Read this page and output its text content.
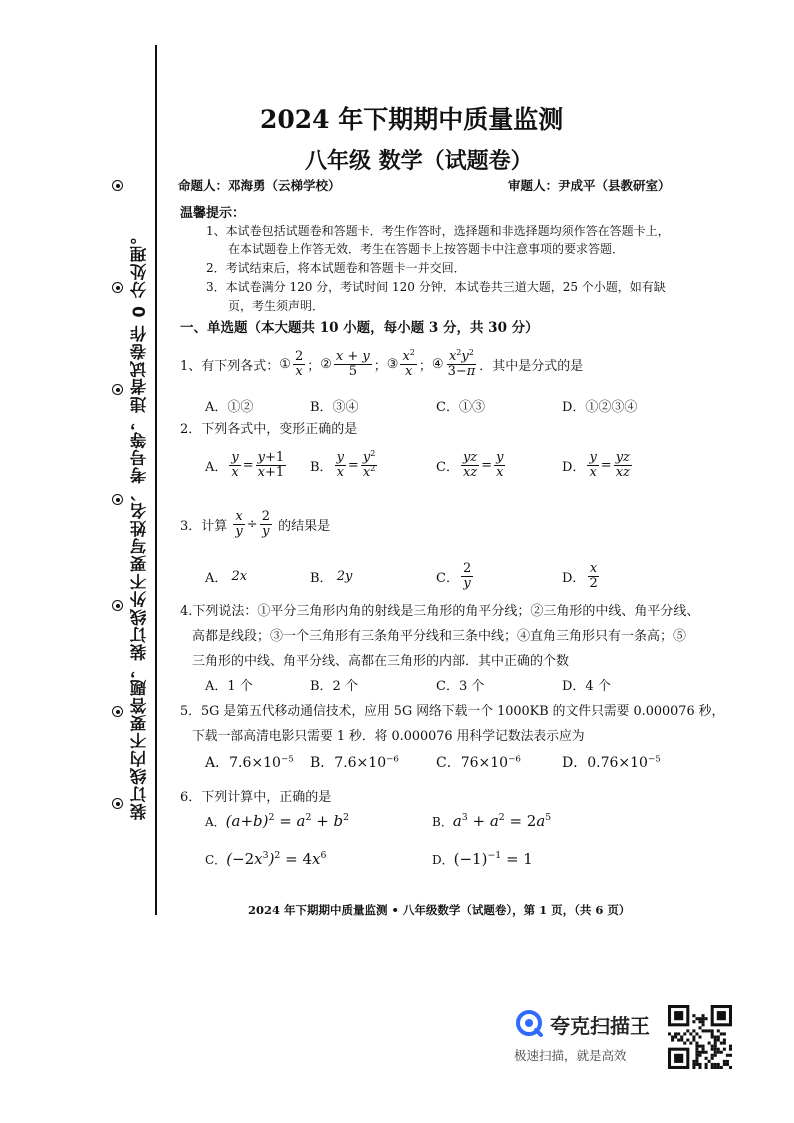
装订线内不要答题，装订线外不要写姓名、考号等，违者试卷作 0 分处理。
2024 年下期期中质量监测
八年级 数学（试题卷）
命题人：邓海勇（云梯学校）	审题人：尹成平（县教研室）
温馨提示：
1、本试卷包括试题卷和答题卡．考生作答时，选择题和非选择题均须作答在答题卡上，
在本试题卷上作答无效．考生在答题卡上按答题卡中注意事项的要求答题．
2．考试结束后，将本试题卷和答题卡一并交回．
3．本试卷满分 120 分，考试时间 120 分钟．本试卷共三道大题，25 个小题，如有缺
页，考生须声明．
一、单选题（本大题共 10 小题，每小题 3 分，共 30 分）
1、有下列各式： ① $\frac{2}{x}$ ； ② $\frac{x + y}{5}$ ； ③ $\frac{x^2}{x}$ ； ④ $\frac{x^2y^2}{3-\pi}$ ．其中是分式的是
A．①②	B．③④	C．①③	D．①②③④
2．下列各式中，变形正确的是
A． $\frac{y}{x} = \frac{y+1}{x+1}$ B． $\frac{y}{x} = \frac{y^2}{x^2}$	C． $\frac{yz}{xz} = \frac{y}{x}$	D． $\frac{y}{x} = \frac{yz}{xz}$
3．计算
$\frac{x}{y} \div \frac{2}{y}$
的结果是
A． 2x	B． 2y	C． $\frac{2}{y}$	D． $\frac{x}{2}$
4.下列说法：①平分三角形内角的射线是三角形的角平分线；②三角形的中线、角平分线、
高都是线段；③一个三角形有三条角平分线和三条中线；④直角三角形只有一条高；⑤
三角形的中线、角平分线、高都在三角形的内部．其中正确的个数
A．1 个	B．2 个	C．3 个	D．4 个
5．5G 是第五代移动通信技术，应用 5G 网络下载一个 1000KB 的文件只需要 0.000076 秒，
下载一部高清电影只需要 1 秒．将 0.000076 用科学记数法表示应为
A．$7.6\times 10^{-5}$ B．$7.6\times 10^{-6}$	C．$76\times 10^{-6}$	D．$0.76\times 10^{-5}$
6．下列计算中，正确的是
A．$(a+b)^2 = a^2 + b^2$	B．$a^3 + a^2 = 2a^5$
C．$(-2x^3)^2 = 4x^6$	D．$(-1)^{-1} = 1$
2024 年下期期中质量监测 • 八年级数学（试题卷），第 1 页，（共 6 页）
夸克扫描王
极速扫描，就是高效
